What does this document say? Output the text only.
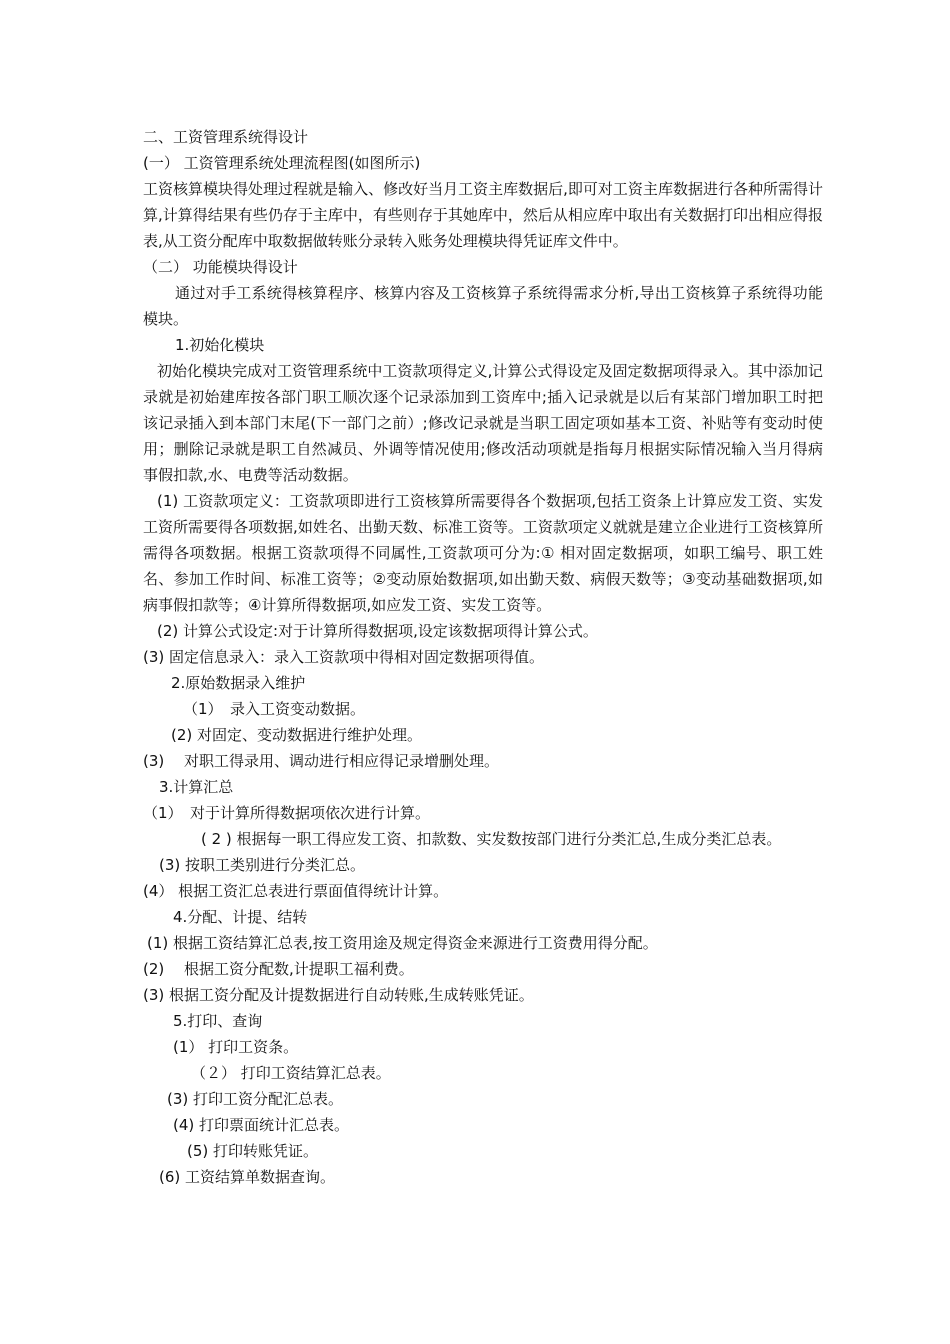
二、工资管理系统得设计

(一） 工资管理系统处理流程图(如图所示)

工资核算模块得处理过程就是输入、修改好当月工资主库数据后,即可对工资主库数据进行各种所需得计算,计算得结果有些仍存于主库中，有些则存于其她库中，然后从相应库中取出有关数据打印出相应得报表,从工资分配库中取数据做转账分录转入账务处理模块得凭证库文件中。

（二） 功能模块得设计

通过对手工系统得核算程序、核算内容及工资核算子系统得需求分析,导出工资核算子系统得功能模块。

1.初始化模块

初始化模块完成对工资管理系统中工资款项得定义,计算公式得设定及固定数据项得录入。其中添加记录就是初始建库按各部门职工顺次逐个记录添加到工资库中;插入记录就是以后有某部门增加职工时把该记录插入到本部门末尾(下一部门之前）;修改记录就是当职工固定项如基本工资、补贴等有变动时使用；删除记录就是职工自然减员、外调等情况使用;修改活动项就是指每月根据实际情况输入当月得病事假扣款,水、电费等活动数据。

(1) 工资款项定义：工资款项即进行工资核算所需要得各个数据项,包括工资条上计算应发工资、实发工资所需要得各项数据,如姓名、出勤天数、标准工资等。工资款项定义就就是建立企业进行工资核算所需得各项数据。根据工资款项得不同属性,工资款项可分为:① 相对固定数据项，如职工编号、职工姓名、参加工作时间、标准工资等；②变动原始数据项,如出勤天数、病假天数等；③变动基础数据项,如病事假扣款等；④计算所得数据项,如应发工资、实发工资等。

(2) 计算公式设定:对于计算所得数据项,设定该数据项得计算公式。

(3) 固定信息录入：录入工资款项中得相对固定数据项得值。

2.原始数据录入维护

（1）　录入工资变动数据。

(2) 对固定、变动数据进行维护处理。

(3)　 对职工得录用、调动进行相应得记录增删处理。

3.计算汇总

（1）　对于计算所得数据项依次进行计算。

( 2 ) 根据每一职工得应发工资、扣款数、实发数按部门进行分类汇总,生成分类汇总表。

(3) 按职工类别进行分类汇总。

(4） 根据工资汇总表进行票面值得统计计算。

4.分配、计提、结转

(1) 根据工资结算汇总表,按工资用途及规定得资金来源进行工资费用得分配。

(2)　 根据工资分配数,计提职工福利费。

(3) 根据工资分配及计提数据进行自动转账,生成转账凭证。

5.打印、查询

(1） 打印工资条。

（２） 打印工资结算汇总表。

(3) 打印工资分配汇总表。

(4) 打印票面统计汇总表。

(5) 打印转账凭证。

(6) 工资结算单数据查询。
